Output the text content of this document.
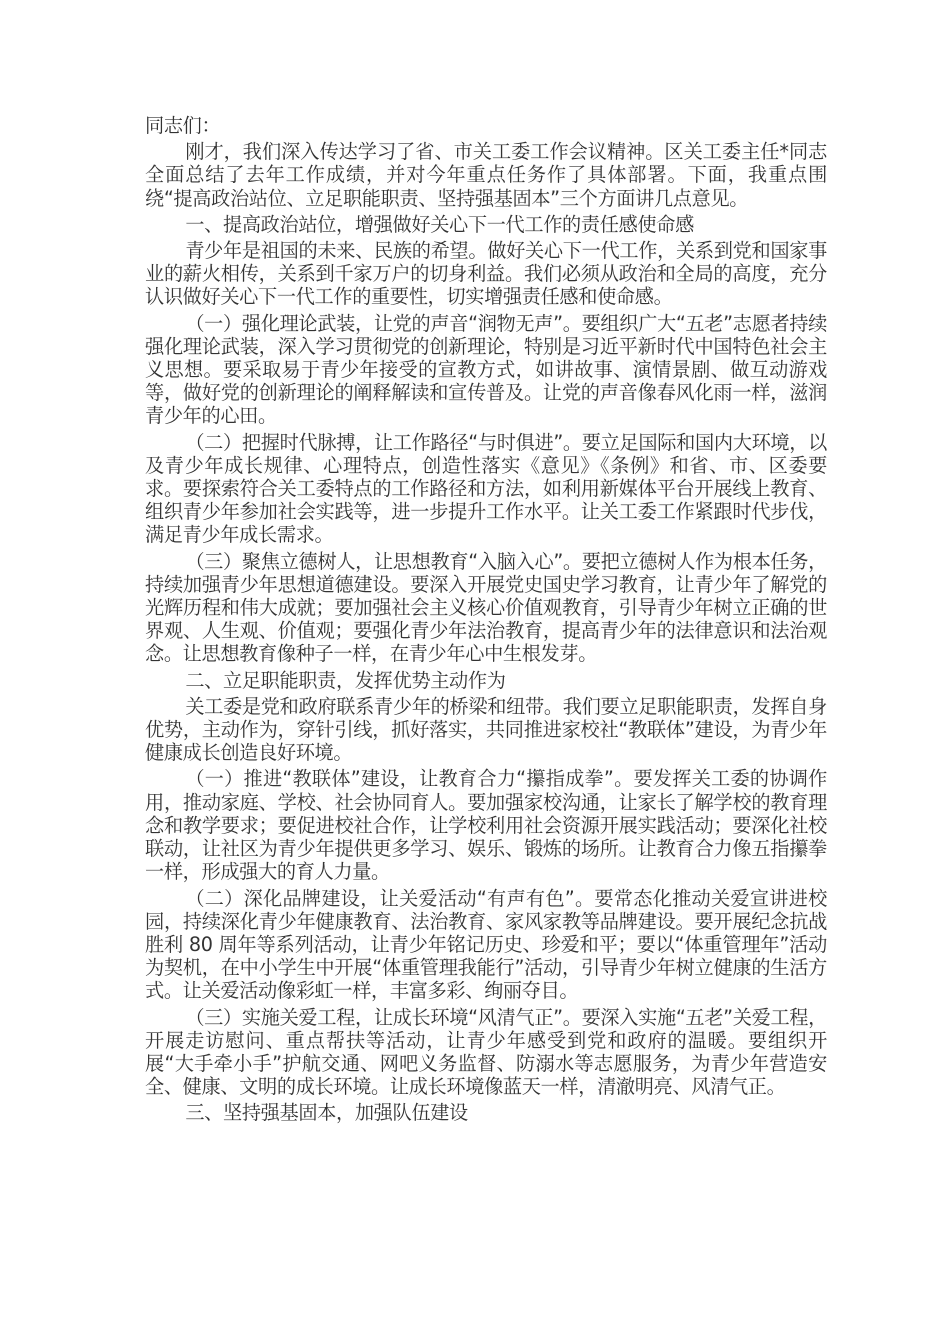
同志们：

刚才，我们深入传达学习了省、市关工委工作会议精神。区关工委主任*同志全面总结了去年工作成绩，并对今年重点任务作了具体部署。下面，我重点围绕“提高政治站位、立足职能职责、坚持强基固本”三个方面讲几点意见。

一、提高政治站位，增强做好关心下一代工作的责任感使命感

青少年是祖国的未来、民族的希望。做好关心下一代工作，关系到党和国家事业的薪火相传，关系到千家万户的切身利益。我们必须从政治和全局的高度，充分认识做好关心下一代工作的重要性，切实增强责任感和使命感。

（一）强化理论武装，让党的声音“润物无声”。要组织广大“五老”志愿者持续强化理论武装，深入学习贯彻党的创新理论，特别是习近平新时代中国特色社会主义思想。要采取易于青少年接受的宣教方式，如讲故事、演情景剧、做互动游戏等，做好党的创新理论的阐释解读和宣传普及。让党的声音像春风化雨一样，滋润青少年的心田。

（二）把握时代脉搏，让工作路径“与时俱进”。要立足国际和国内大环境，以及青少年成长规律、心理特点，创造性落实《意见》《条例》和省、市、区委要求。要探索符合关工委特点的工作路径和方法，如利用新媒体平台开展线上教育、组织青少年参加社会实践等，进一步提升工作水平。让关工委工作紧跟时代步伐，满足青少年成长需求。

（三）聚焦立德树人，让思想教育“入脑入心”。要把立德树人作为根本任务，持续加强青少年思想道德建设。要深入开展党史国史学习教育，让青少年了解党的光辉历程和伟大成就；要加强社会主义核心价值观教育，引导青少年树立正确的世界观、人生观、价值观；要强化青少年法治教育，提高青少年的法律意识和法治观念。让思想教育像种子一样，在青少年心中生根发芽。

二、立足职能职责，发挥优势主动作为

关工委是党和政府联系青少年的桥梁和纽带。我们要立足职能职责，发挥自身优势，主动作为，穿针引线，抓好落实，共同推进家校社“教联体”建设，为青少年健康成长创造良好环境。

（一）推进“教联体”建设，让教育合力“攥指成拳”。要发挥关工委的协调作用，推动家庭、学校、社会协同育人。要加强家校沟通，让家长了解学校的教育理念和教学要求；要促进校社合作，让学校利用社会资源开展实践活动；要深化社校联动，让社区为青少年提供更多学习、娱乐、锻炼的场所。让教育合力像五指攥拳一样，形成强大的育人力量。

（二）深化品牌建设，让关爱活动“有声有色”。要常态化推动关爱宣讲进校园，持续深化青少年健康教育、法治教育、家风家教等品牌建设。要开展纪念抗战胜利 80 周年等系列活动，让青少年铭记历史、珍爱和平；要以“体重管理年”活动为契机，在中小学生中开展“体重管理我能行”活动，引导青少年树立健康的生活方式。让关爱活动像彩虹一样，丰富多彩、绚丽夺目。

（三）实施关爱工程，让成长环境“风清气正”。要深入实施“五老”关爱工程，开展走访慰问、重点帮扶等活动，让青少年感受到党和政府的温暖。要组织开展“大手牵小手”护航交通、网吧义务监督、防溺水等志愿服务，为青少年营造安全、健康、文明的成长环境。让成长环境像蓝天一样，清澈明亮、风清气正。

三、坚持强基固本，加强队伍建设
